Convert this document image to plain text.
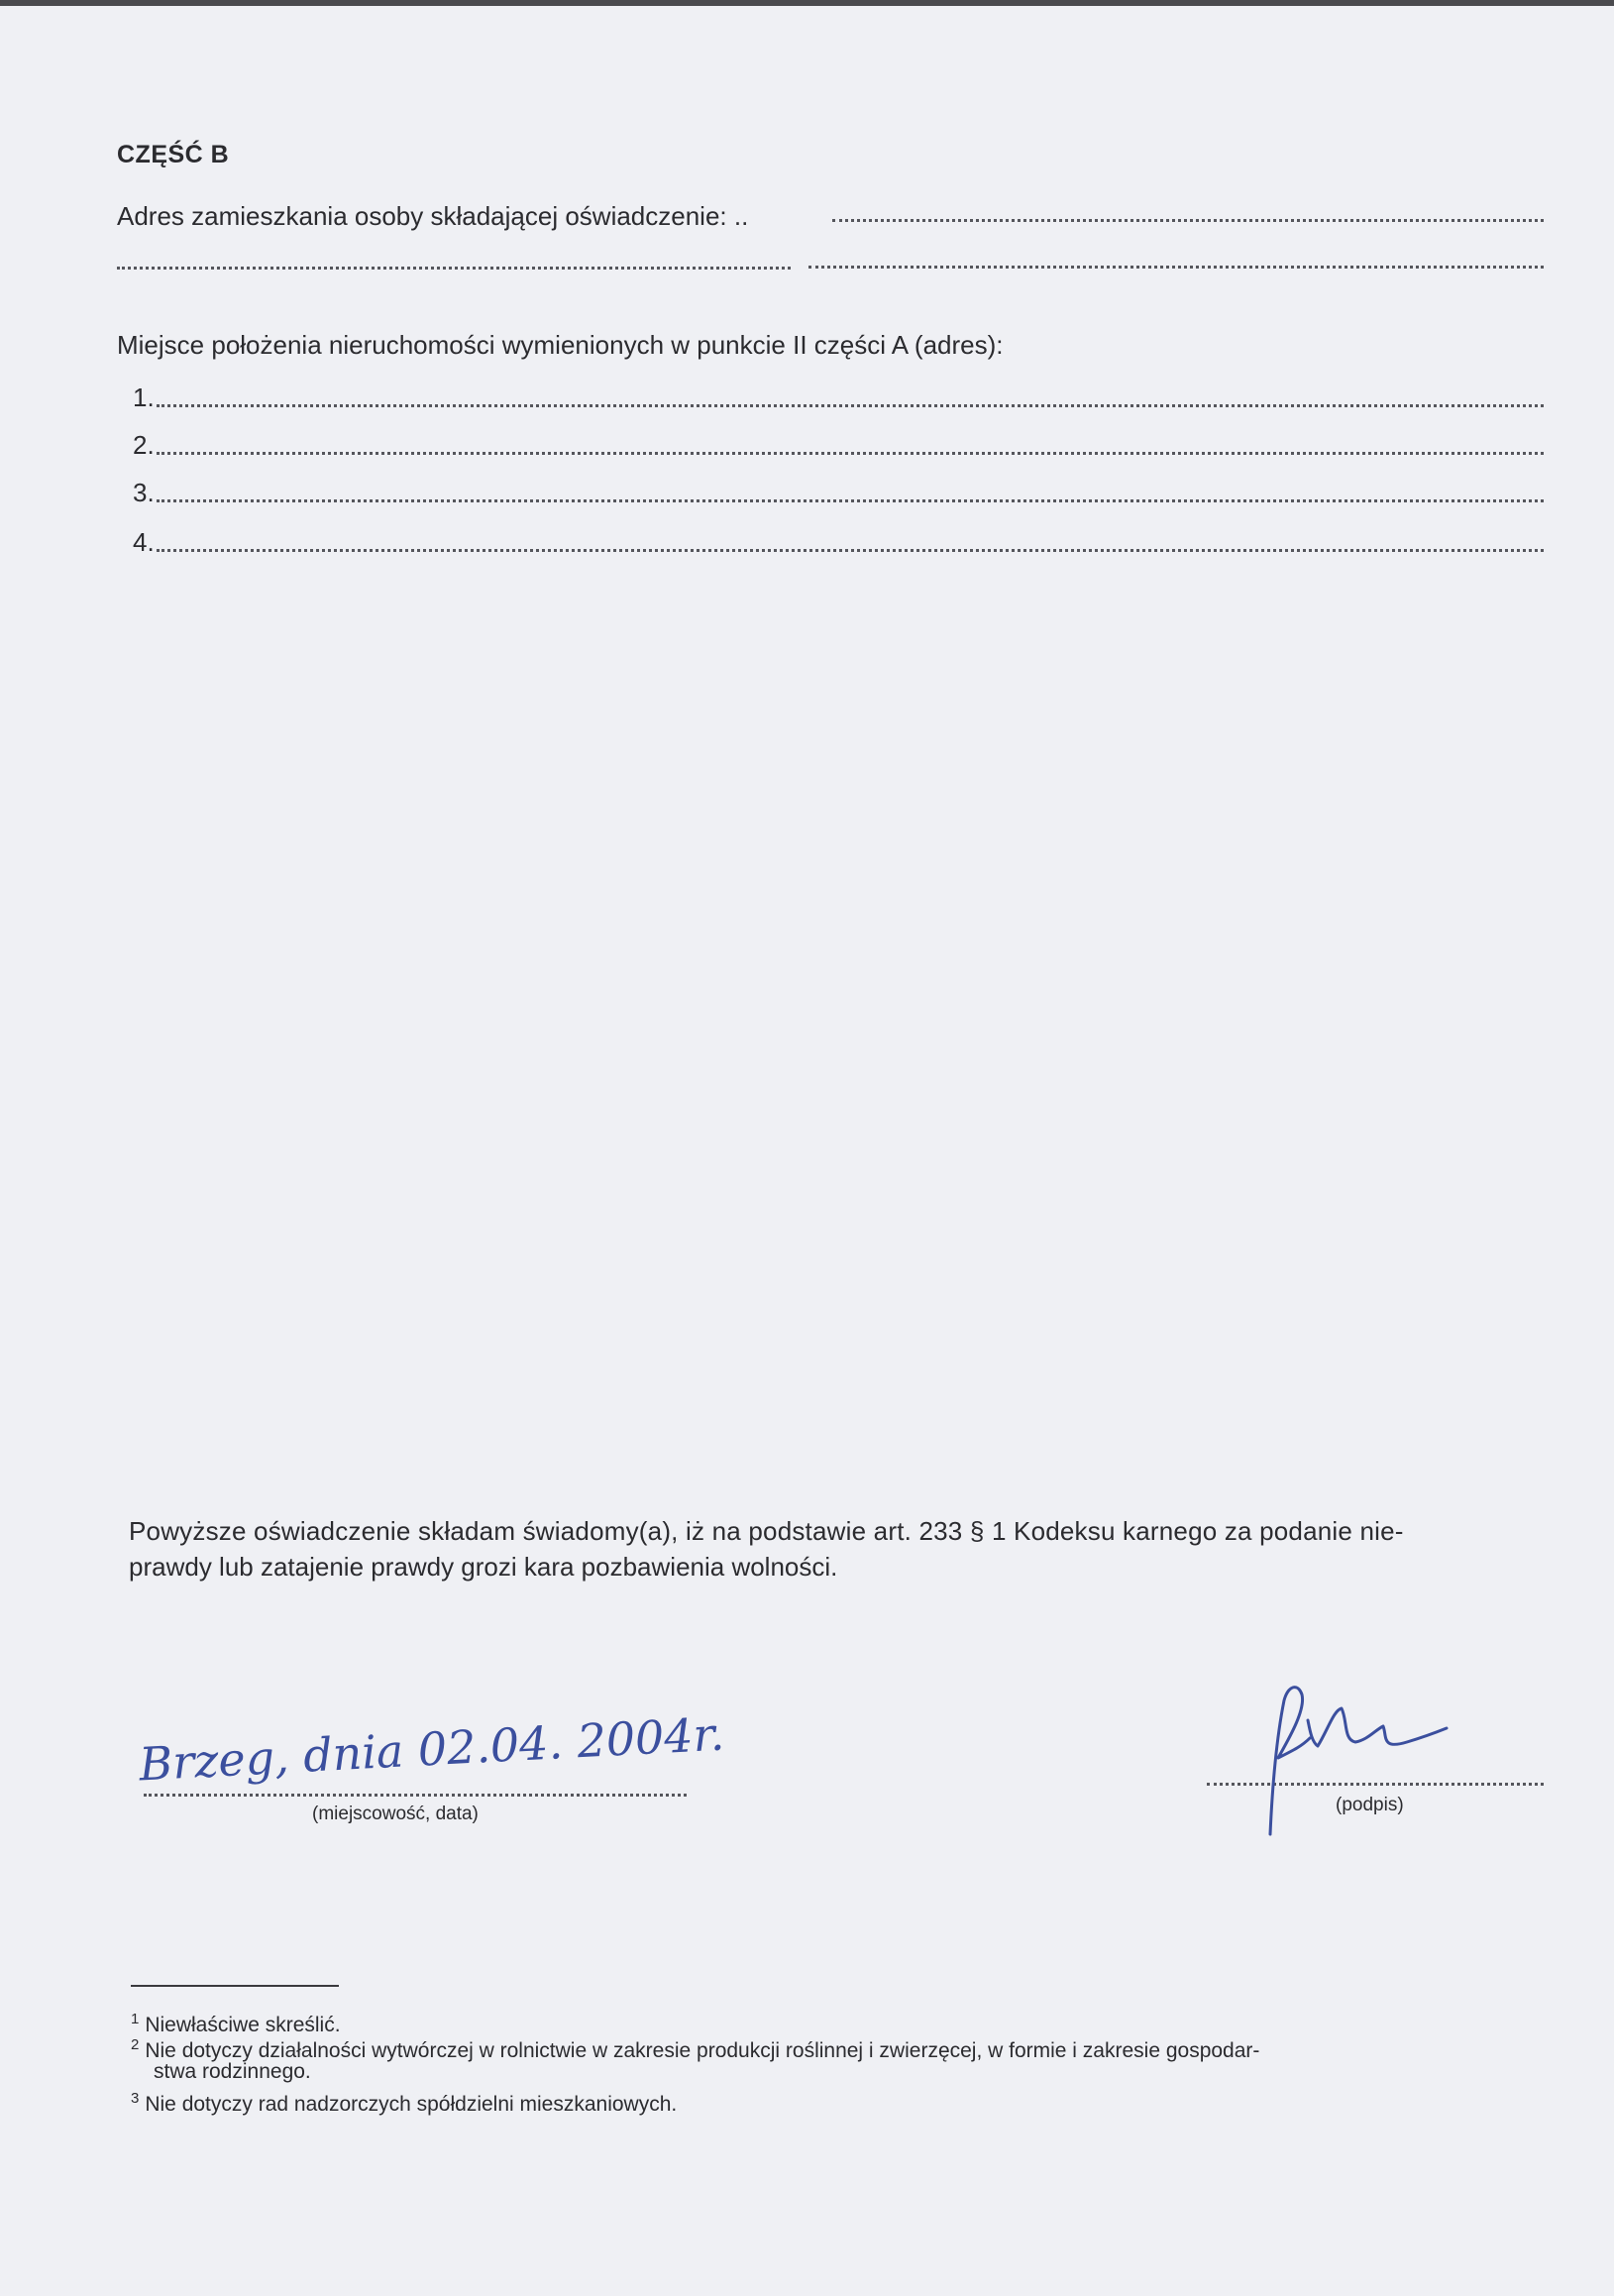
CZĘŚĆ B
Adres zamieszkania osoby składającej oświadczenie: ..
Miejsce położenia nieruchomości wymienionych w punkcie II części A (adres):
1.
2.
3.
4.
Powyższe oświadczenie składam świadomy(a), iż na podstawie art. 233 § 1 Kodeksu karnego za podanie nie-
prawdy lub zatajenie prawdy grozi kara pozbawienia wolności.
Brzeg, dnia 02.04. 2004r.
(miejscowość, data)	(podpis)
$^1$ Niewłaściwe skreślić.
$^2$ Nie dotyczy działalności wytwórczej w rolnictwie w zakresie produkcji roślinnej i zwierzęcej, w formie i zakresie gospodar-
stwa rodzinnego.
$^3$ Nie dotyczy rad nadzorczych spółdzielni mieszkaniowych.
